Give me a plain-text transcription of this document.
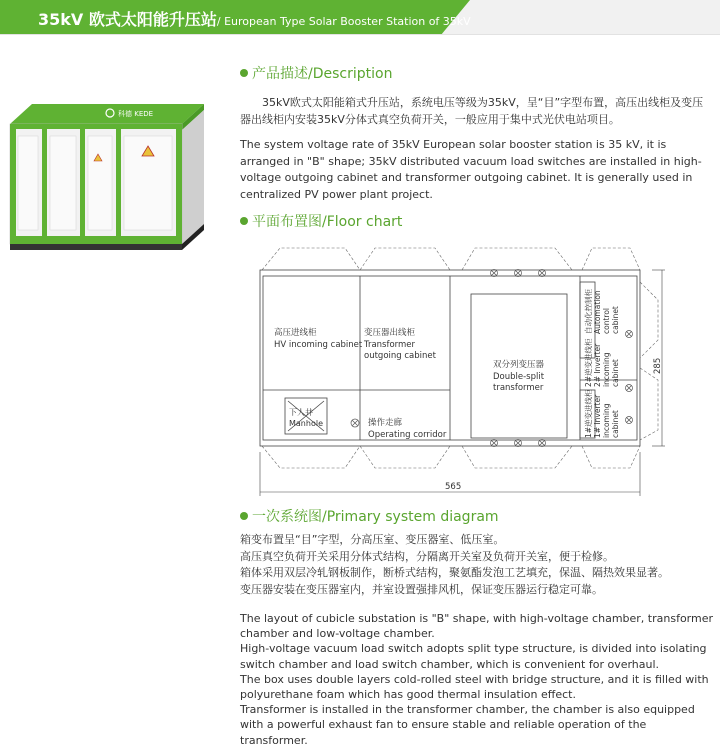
35kV 欧式太阳能升压站/ European Type Solar Booster Station of 35kV
科德 KEDE
产品描述/Description
35kV欧式太阳能箱式升压站，系统电压等级为35kV，呈“目”字型布置，高压出线柜及变压器出线柜内安装35kV分体式真空负荷开关，一般应用于集中式光伏电站项目。
The system voltage rate of 35kV European solar booster station is 35 kV, it is arranged in "B" shape; 35kV distributed vacuum load switches are installed in high-voltage outgoing cabinet and transformer outgoing cabinet. It is generally used in centralized PV power plant project.
平面布置图/Floor chart
高压进线柜
HV incoming cabinet
变压器出线柜
Transformer
outgoing cabinet
下人井
Manhole	操作走廊
Operating corridor
双分列变压器
Double-split
transformer
565
自动化控制柜 Automation control cabinet
2#逆变进线柜 2# Inverter incoming cabinet
1#逆变进线柜 1# Inverter incoming cabinet
285
一次系统图/Primary system diagram

箱变布置呈“目”字型，分高压室、变压器室、低压室。

高压真空负荷开关采用分体式结构，分隔离开关室及负荷开关室，便于检修。

箱体采用双层冷轧钢板制作，断桥式结构，聚氨酯发泡工艺填充，保温、隔热效果显著。

变压器安装在变压器室内，并室设置强排风机，保证变压器运行稳定可靠。

The layout of cubicle substation is "B" shape, with high-voltage chamber, transformer chamber and low-voltage chamber.

High-voltage vacuum load switch adopts split type structure, is divided into isolating switch chamber and load switch chamber, which is convenient for overhaul.

The box uses double layers cold-rolled steel with bridge structure, and it is filled with polyurethane foam which has good thermal insulation effect.

Transformer is installed in the transformer chamber, the chamber is also equipped with a powerful exhaust fan to ensure stable and reliable operation of the transformer.
